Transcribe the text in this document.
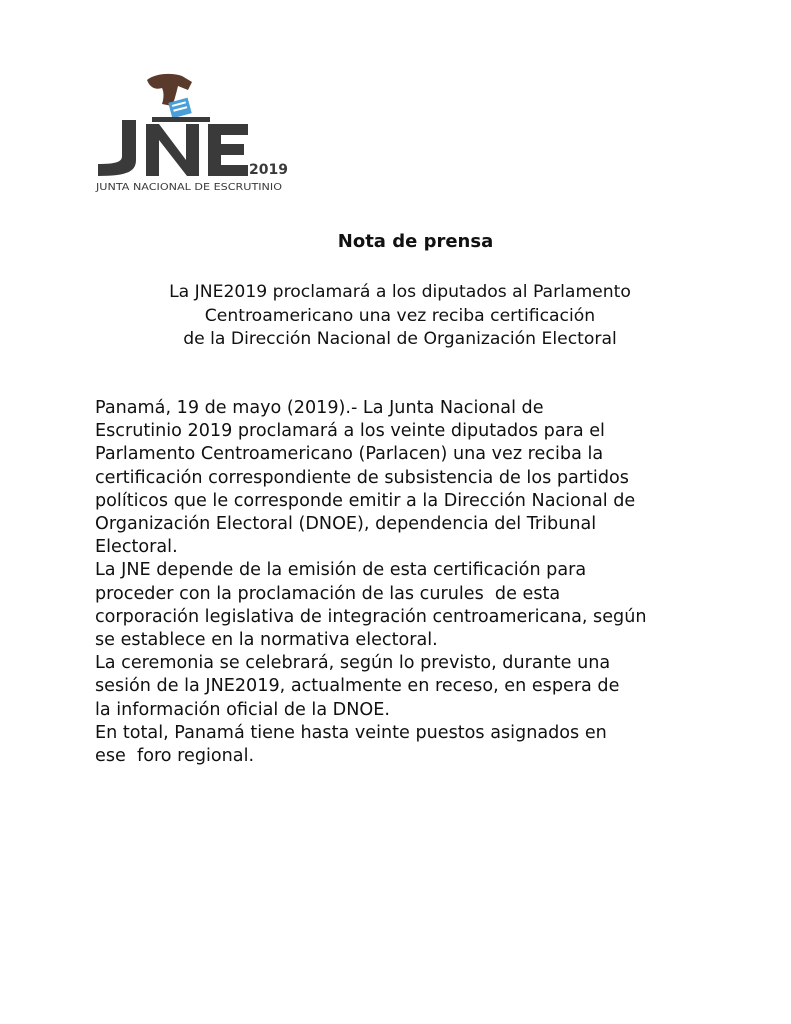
2019
JUNTA NACIONAL DE ESCRUTINIO
Nota de prensa
La JNE2019 proclamará a los diputados al Parlamento
Centroamericano una vez reciba certificación
de la Dirección Nacional de Organización Electoral
Panamá, 19 de mayo (2019).- La Junta Nacional de
Escrutinio 2019 proclamará a los veinte diputados para el
Parlamento Centroamericano (Parlacen) una vez reciba la
certificación correspondiente de subsistencia de los partidos
políticos que le corresponde emitir a la Dirección Nacional de
Organización Electoral (DNOE), dependencia del Tribunal
Electoral.
La JNE depende de la emisión de esta certificación para
proceder con la proclamación de las curules  de esta
corporación legislativa de integración centroamericana, según
se establece en la normativa electoral.
La ceremonia se celebrará, según lo previsto, durante una
sesión de la JNE2019, actualmente en receso, en espera de
la información oficial de la DNOE.
En total, Panamá tiene hasta veinte puestos asignados en
ese  foro regional.
